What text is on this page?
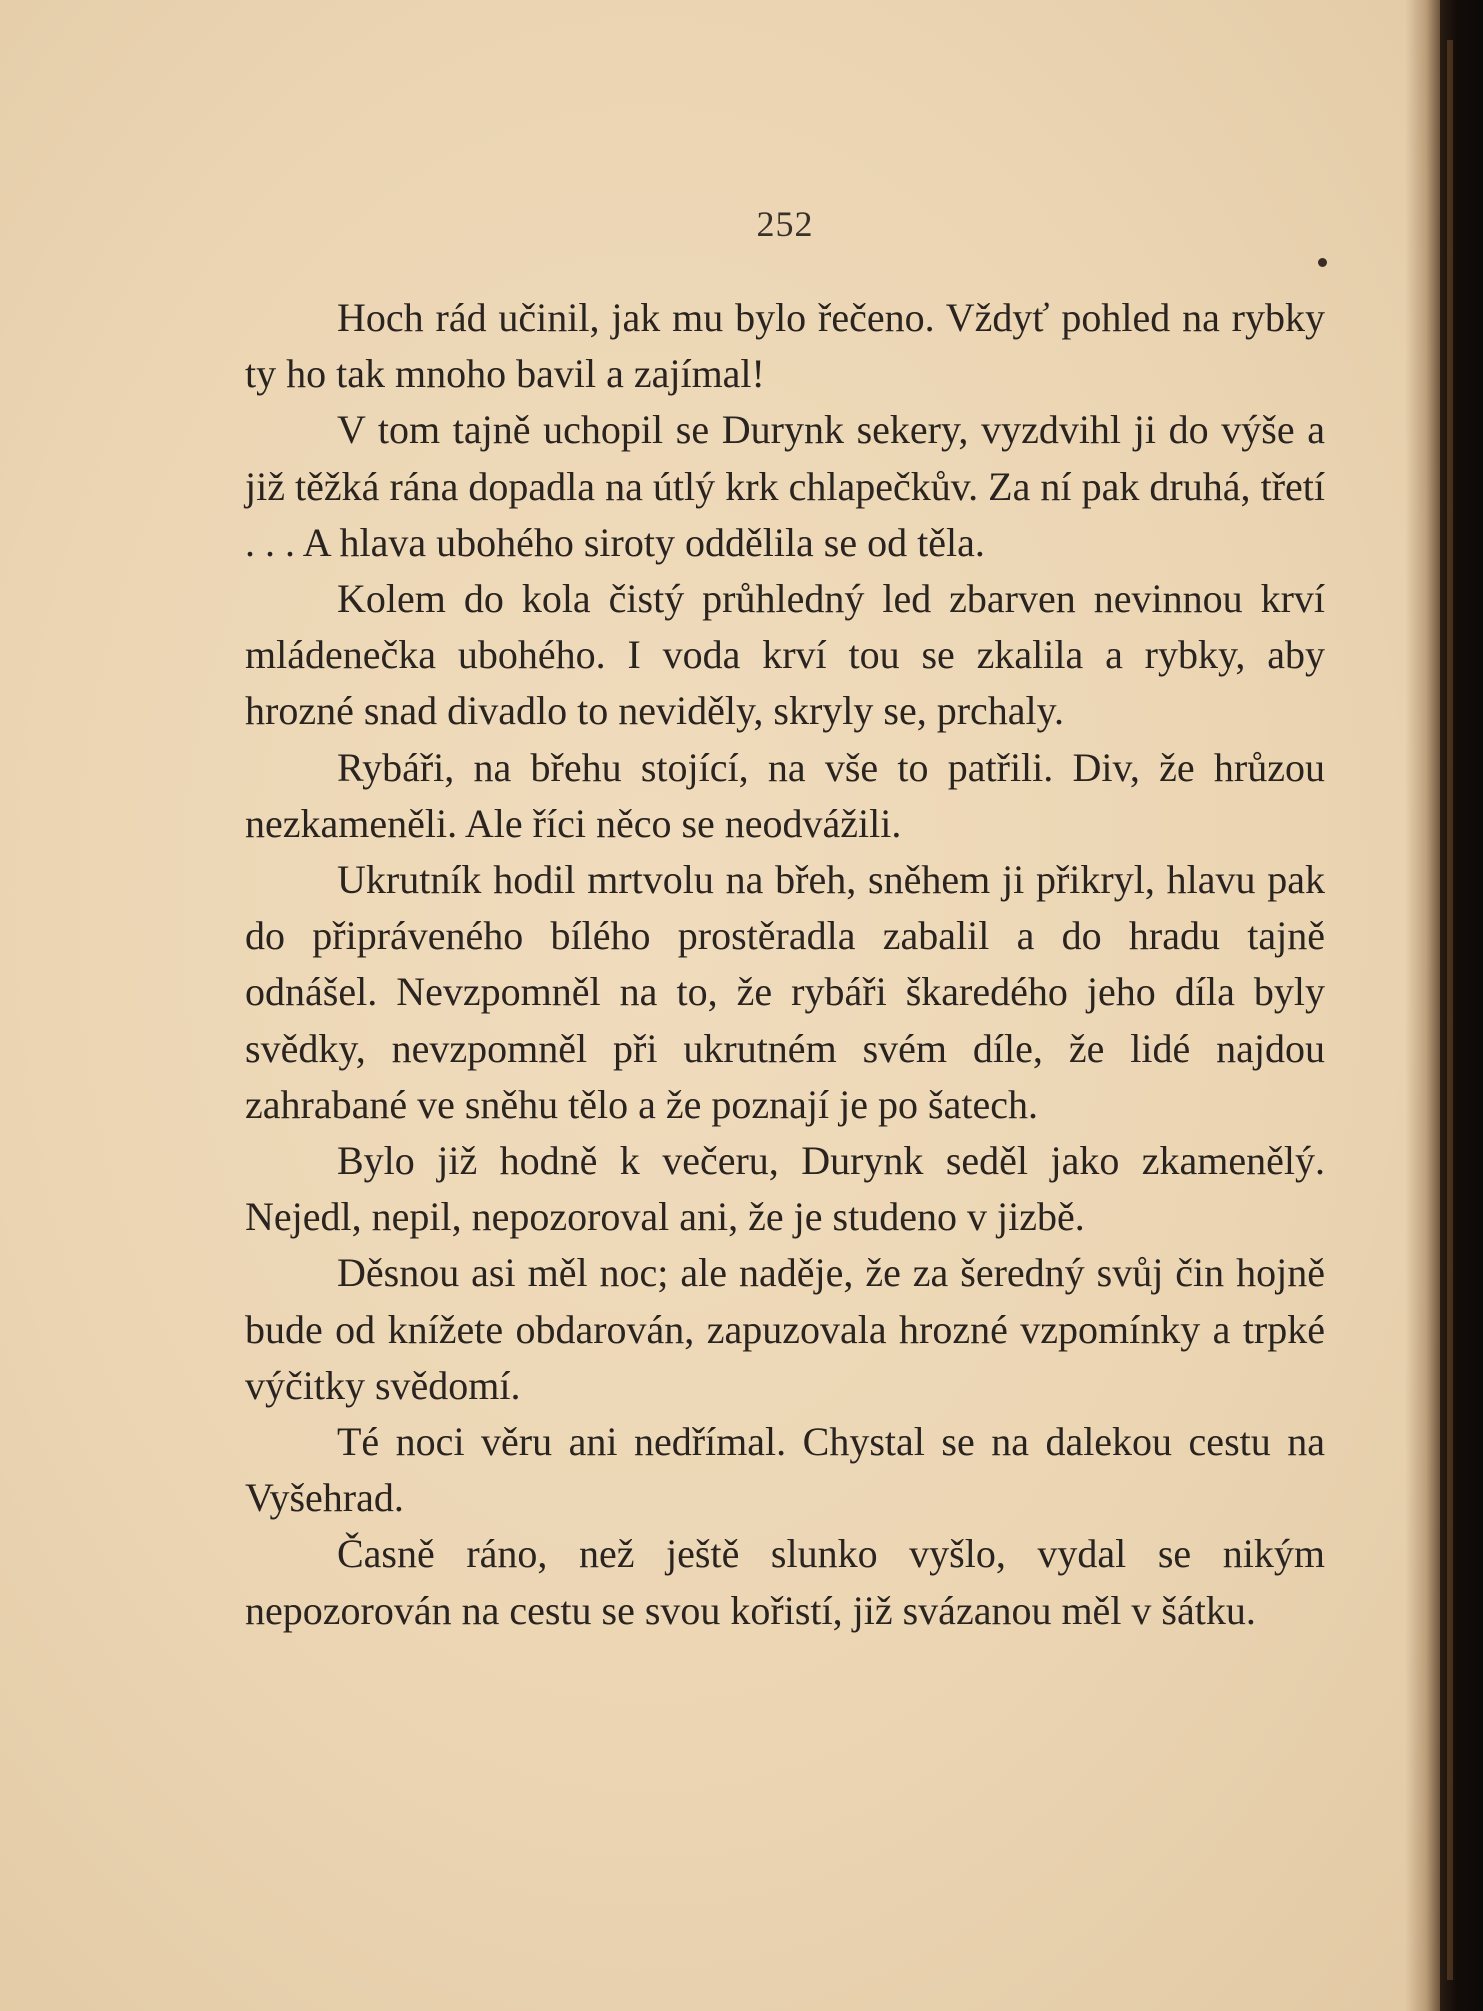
252

Hoch rád učinil, jak mu bylo řečeno. Vždyť pohled na rybky ty ho tak mnoho bavil a zajímal!

V tom tajně uchopil se Durynk sekery, vyzdvihl ji do výše a již těžká rána dopadla na útlý krk chlapečkův. Za ní pak druhá, třetí . . . A hlava ubohého siroty oddělila se od těla.

Kolem do kola čistý průhledný led zbarven nevinnou krví mládenečka ubohého. I voda krví tou se zkalila a rybky, aby hrozné snad divadlo to neviděly, skryly se, prchaly.

Rybáři, na břehu stojící, na vše to patřili. Div, že hrůzou nezkameněli. Ale říci něco se neodvážili.

Ukrutník hodil mrtvolu na břeh, sněhem ji přikryl, hlavu pak do připráveného bílého prostěradla zabalil a do hradu tajně odnášel. Nevzpomněl na to, že rybáři škaredého jeho díla byly svědky, nevzpomněl při ukrutném svém díle, že lidé najdou zahrabané ve sněhu tělo a že poznají je po šatech.

Bylo již hodně k večeru, Durynk seděl jako zkamenělý. Nejedl, nepil, nepozoroval ani, že je studeno v jizbě.

Děsnou asi měl noc; ale naděje, že za šeredný svůj čin hojně bude od knížete obdarován, zapuzovala hrozné vzpomínky a trpké výčitky svědomí.

Té noci věru ani nedřímal. Chystal se na dalekou cestu na Vyšehrad.

Časně ráno, než ještě slunko vyšlo, vydal se nikým nepozorován na cestu se svou kořistí, již svázanou měl v šátku.
